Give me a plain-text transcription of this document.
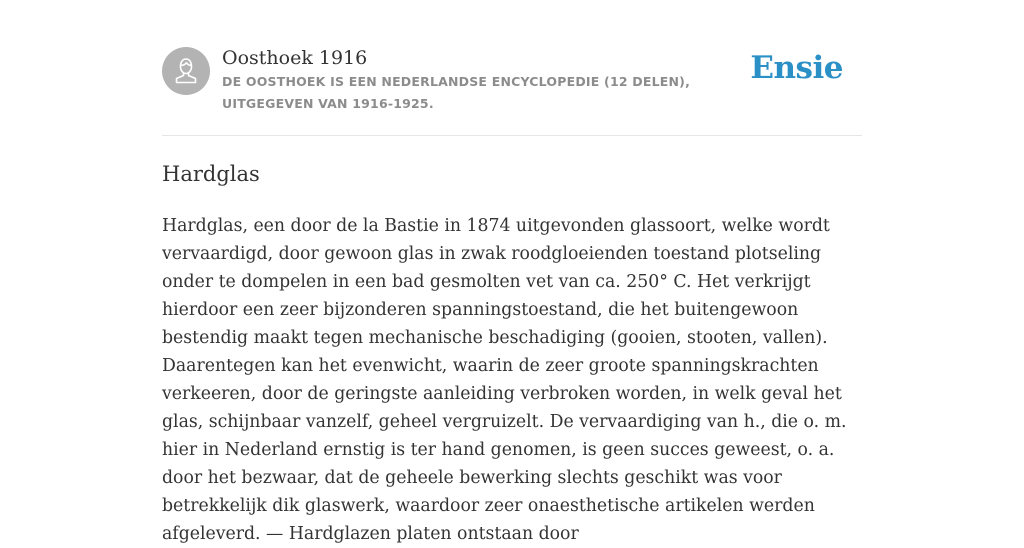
Oosthoek 1916

DE OOSTHOEK IS EEN NEDERLANDSE ENCYCLOPEDIE (12 DELEN), UITGEGEVEN VAN 1916-1925.

Ensie
Hardglas

Hardglas, een door de la Bastie in 1874 uitgevonden glassoort, welke wordt vervaardigd, door gewoon glas in zwak roodgloeienden toestand plotseling onder te dompelen in een bad gesmolten vet van ca. 250° C. Het verkrijgt hierdoor een zeer bijzonderen spanningstoestand, die het buitengewoon bestendig maakt tegen mechanische beschadiging (gooien, stooten, vallen). Daarentegen kan het evenwicht, waarin de zeer groote spanningskrachten verkeeren, door de geringste aanleiding verbroken worden, in welk geval het glas, schijnbaar vanzelf, geheel vergruizelt. De vervaardiging van h., die o. m. hier in Nederland ernstig is ter hand genomen, is geen succes geweest, o. a. door het bezwaar, dat de geheele bewerking slechts geschikt was voor betrekkelijk dik glaswerk, waardoor zeer onaesthetische artikelen werden afgeleverd. — Hardglazen platen ontstaan door
